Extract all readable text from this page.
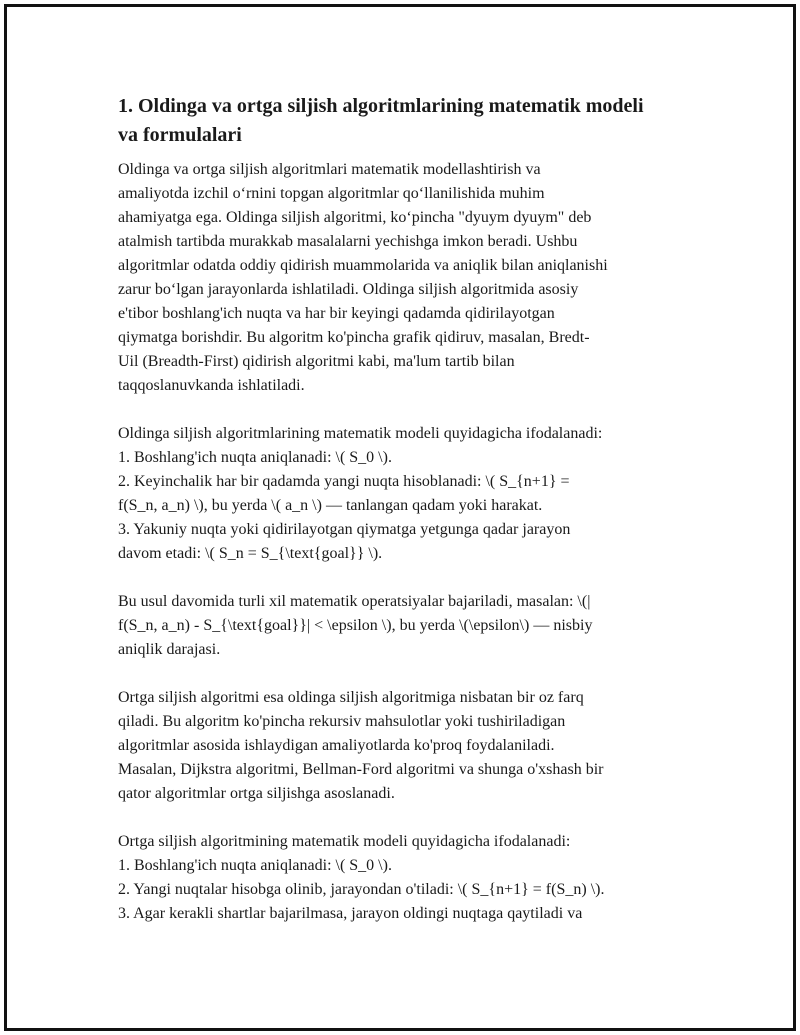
1. Oldinga va ortga siljish algoritmlarining matematik modeli
va formulalari
Oldinga va ortga siljish algoritmlari matematik modellashtirish va
amaliyotda izchil o‘rnini topgan algoritmlar qo‘llanilishida muhim
ahamiyatga ega. Oldinga siljish algoritmi, ko‘pincha "dyuym dyuym" deb
atalmish tartibda murakkab masalalarni yechishga imkon beradi. Ushbu
algoritmlar odatda oddiy qidirish muammolarida va aniqlik bilan aniqlanishi
zarur bo‘lgan jarayonlarda ishlatiladi. Oldinga siljish algoritmida asosiy
e'tibor boshlang'ich nuqta va har bir keyingi qadamda qidirilayotgan
qiymatga borishdir. Bu algoritm ko'pincha grafik qidiruv, masalan, Bredt-
Uil (Breadth-First) qidirish algoritmi kabi, ma'lum tartib bilan
taqqoslanuvkanda ishlatiladi.
Oldinga siljish algoritmlarining matematik modeli quyidagicha ifodalanadi:
1. Boshlang'ich nuqta aniqlanadi: \( S_0 \).
2. Keyinchalik har bir qadamda yangi nuqta hisoblanadi: \( S_{n+1} =
f(S_n, a_n) \), bu yerda \( a_n \) — tanlangan qadam yoki harakat.
3. Yakuniy nuqta yoki qidirilayotgan qiymatga yetgunga qadar jarayon
davom etadi: \( S_n = S_{\text{goal}} \).
Bu usul davomida turli xil matematik operatsiyalar bajariladi, masalan: \(|
f(S_n, a_n) - S_{\text{goal}}| < \epsilon \), bu yerda \(\epsilon\) — nisbiy
aniqlik darajasi.
Ortga siljish algoritmi esa oldinga siljish algoritmiga nisbatan bir oz farq
qiladi. Bu algoritm ko'pincha rekursiv mahsulotlar yoki tushiriladigan
algoritmlar asosida ishlaydigan amaliyotlarda ko'proq foydalaniladi.
Masalan, Dijkstra algoritmi, Bellman-Ford algoritmi va shunga o'xshash bir
qator algoritmlar ortga siljishga asoslanadi.
Ortga siljish algoritmining matematik modeli quyidagicha ifodalanadi:
1. Boshlang'ich nuqta aniqlanadi: \( S_0 \).
2. Yangi nuqtalar hisobga olinib, jarayondan o'tiladi: \( S_{n+1} = f(S_n) \).
3. Agar kerakli shartlar bajarilmasa, jarayon oldingi nuqtaga qaytiladi va
